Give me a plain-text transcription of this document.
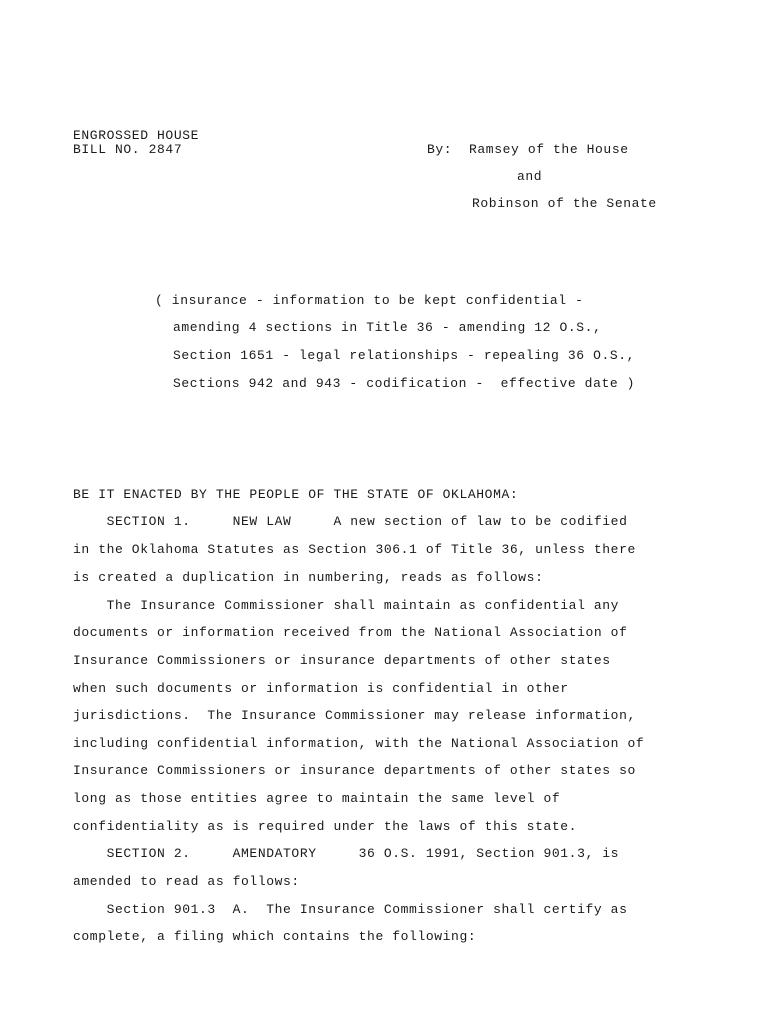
ENGROSSED HOUSE
BILL NO. 2847	By:  Ramsey of the House
and
Robinson of the Senate
( insurance - information to be kept confidential -
amending 4 sections in Title 36 - amending 12 O.S.,
Section 1651 - legal relationships - repealing 36 O.S.,
Sections 942 and 943 - codification -  effective date )
BE IT ENACTED BY THE PEOPLE OF THE STATE OF OKLAHOMA:
SECTION 1.     NEW LAW     A new section of law to be codified
in the Oklahoma Statutes as Section 306.1 of Title 36, unless there
is created a duplication in numbering, reads as follows:
The Insurance Commissioner shall maintain as confidential any
documents or information received from the National Association of
Insurance Commissioners or insurance departments of other states
when such documents or information is confidential in other
jurisdictions.  The Insurance Commissioner may release information,
including confidential information, with the National Association of
Insurance Commissioners or insurance departments of other states so
long as those entities agree to maintain the same level of
confidentiality as is required under the laws of this state.
SECTION 2.     AMENDATORY     36 O.S. 1991, Section 901.3, is
amended to read as follows:
Section 901.3  A.  The Insurance Commissioner shall certify as
complete, a filing which contains the following:
